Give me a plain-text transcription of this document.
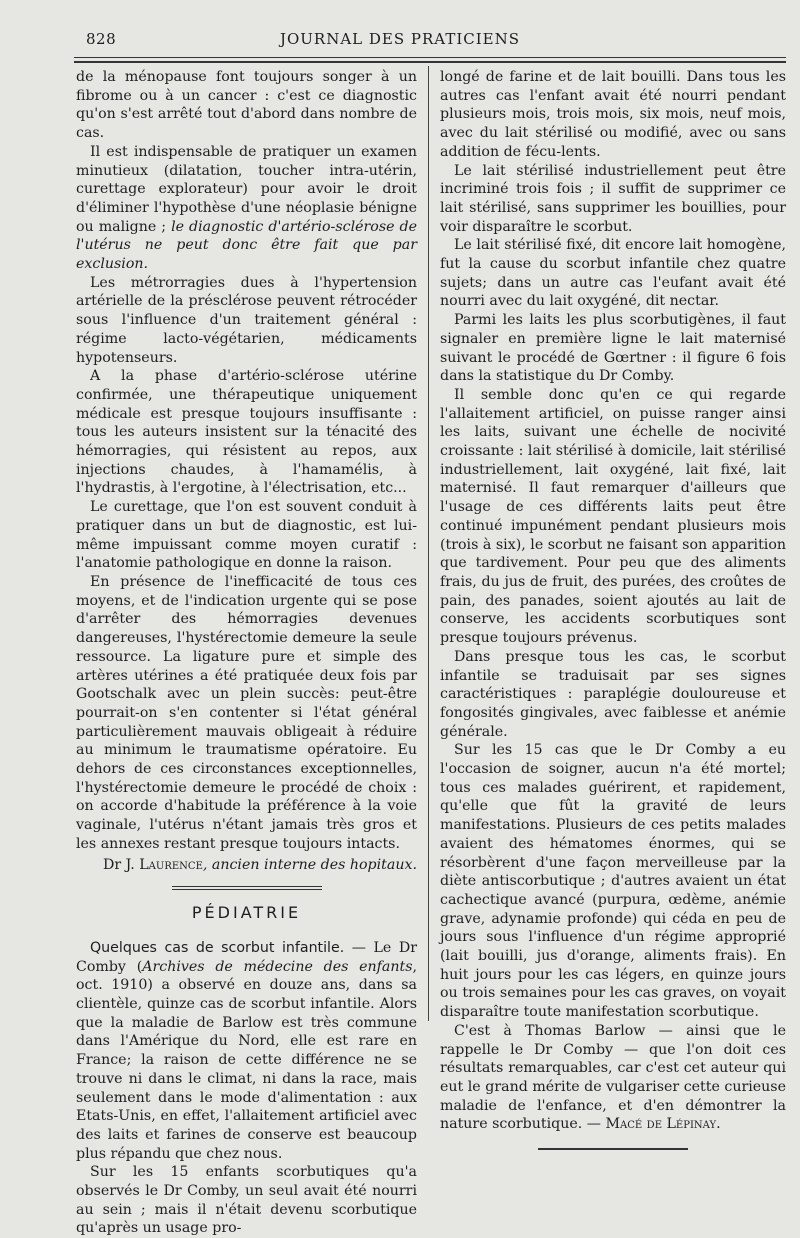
828	JOURNAL DES PRATICIENS

de la ménopause font toujours songer à un fibrome ou à un cancer : c'est ce diagnostic qu'on s'est arrêté tout d'abord dans nombre de cas.

Il est indispensable de pratiquer un examen minutieux (dilatation, toucher intra-utérin, curettage explorateur) pour avoir le droit d'éliminer l'hypothèse d'une néoplasie bénigne ou maligne ; le diagnostic d'artério-sclérose de l'utérus ne peut donc être fait que par exclusion.

Les métrorragies dues à l'hypertension artérielle de la présclérose peuvent rétrocéder sous l'influence d'un traitement général : régime lacto-végétarien, médicaments hypotenseurs.

A la phase d'artério-sclérose utérine confirmée, une thérapeutique uniquement médicale est presque toujours insuffisante : tous les auteurs insistent sur la ténacité des hémorragies, qui résistent au repos, aux injections chaudes, à l'hamamélis, à l'hydrastis, à l'ergotine, à l'électrisation, etc...

Le curettage, que l'on est souvent conduit à pratiquer dans un but de diagnostic, est lui-même impuissant comme moyen curatif : l'anatomie pathologique en donne la raison.

En présence de l'inefficacité de tous ces moyens, et de l'indication urgente qui se pose d'arrêter des hémorragies devenues dangereuses, l'hystérectomie demeure la seule ressource. La ligature pure et simple des artères utérines a été pratiquée deux fois par Gootschalk avec un plein succès: peut-être pourrait-on s'en contenter si l'état général particulièrement mauvais obligeait à réduire au minimum le traumatisme opératoire. Eu dehors de ces circonstances exceptionnelles, l'hystérectomie demeure le procédé de choix : on accorde d'habitude la préférence à la voie vaginale, l'utérus n'étant jamais très gros et les annexes restant presque toujours intacts.

Dr J. Laurence, ancien interne des hopitaux.

PÉDIATRIE

Quelques cas de scorbut infantile. — Le Dr Comby (Archives de médecine des enfants, oct. 1910) a observé en douze ans, dans sa clientèle, quinze cas de scorbut infantile. Alors que la maladie de Barlow est très commune dans l'Amérique du Nord, elle est rare en France; la raison de cette différence ne se trouve ni dans le climat, ni dans la race, mais seulement dans le mode d'alimentation : aux Etats-Unis, en effet, l'allaitement artificiel avec des laits et farines de conserve est beaucoup plus répandu que chez nous.

Sur les 15 enfants scorbutiques qu'a observés le Dr Comby, un seul avait été nourri au sein ; mais il n'était devenu scorbutique qu'après un usage pro-

longé de farine et de lait bouilli. Dans tous les autres cas l'enfant avait été nourri pendant plusieurs mois, trois mois, six mois, neuf mois, avec du lait stérilisé ou modifié, avec ou sans addition de fécu-lents.

Le lait stérilisé industriellement peut être incriminé trois fois ; il suffit de supprimer ce lait stérilisé, sans supprimer les bouillies, pour voir disparaître le scorbut.

Le lait stérilisé fixé, dit encore lait homogène, fut la cause du scorbut infantile chez quatre sujets; dans un autre cas l'eufant avait été nourri avec du lait oxygéné, dit nectar.

Parmi les laits les plus scorbutigènes, il faut signaler en première ligne le lait maternisé suivant le procédé de Gœrtner : il figure 6 fois dans la statistique du Dr Comby.

Il semble donc qu'en ce qui regarde l'allaitement artificiel, on puisse ranger ainsi les laits, suivant une échelle de nocivité croissante : lait stérilisé à domicile, lait stérilisé industriellement, lait oxygéné, lait fixé, lait maternisé. Il faut remarquer d'ailleurs que l'usage de ces différents laits peut être continué impunément pendant plusieurs mois (trois à six), le scorbut ne faisant son apparition que tardivement. Pour peu que des aliments frais, du jus de fruit, des purées, des croûtes de pain, des panades, soient ajoutés au lait de conserve, les accidents scorbutiques sont presque toujours prévenus.

Dans presque tous les cas, le scorbut infantile se traduisait par ses signes caractéristiques : paraplégie douloureuse et fongosités gingivales, avec faiblesse et anémie générale.

Sur les 15 cas que le Dr Comby a eu l'occasion de soigner, aucun n'a été mortel; tous ces malades guérirent, et rapidement, qu'elle que fût la gravité de leurs manifestations. Plusieurs de ces petits malades avaient des hématomes énormes, qui se résorbèrent d'une façon merveilleuse par la diète antiscorbutique ; d'autres avaient un état cachectique avancé (purpura, œdème, anémie grave, adynamie profonde) qui céda en peu de jours sous l'influence d'un régime approprié (lait bouilli, jus d'orange, aliments frais). En huit jours pour les cas légers, en quinze jours ou trois semaines pour les cas graves, on voyait disparaître toute manifestation scorbutique.

C'est à Thomas Barlow — ainsi que le rappelle le Dr Comby — que l'on doit ces résultats remarquables, car c'est cet auteur qui eut le grand mérite de vulgariser cette curieuse maladie de l'enfance, et d'en démontrer la nature scorbutique. — Macé de Lépinay.
